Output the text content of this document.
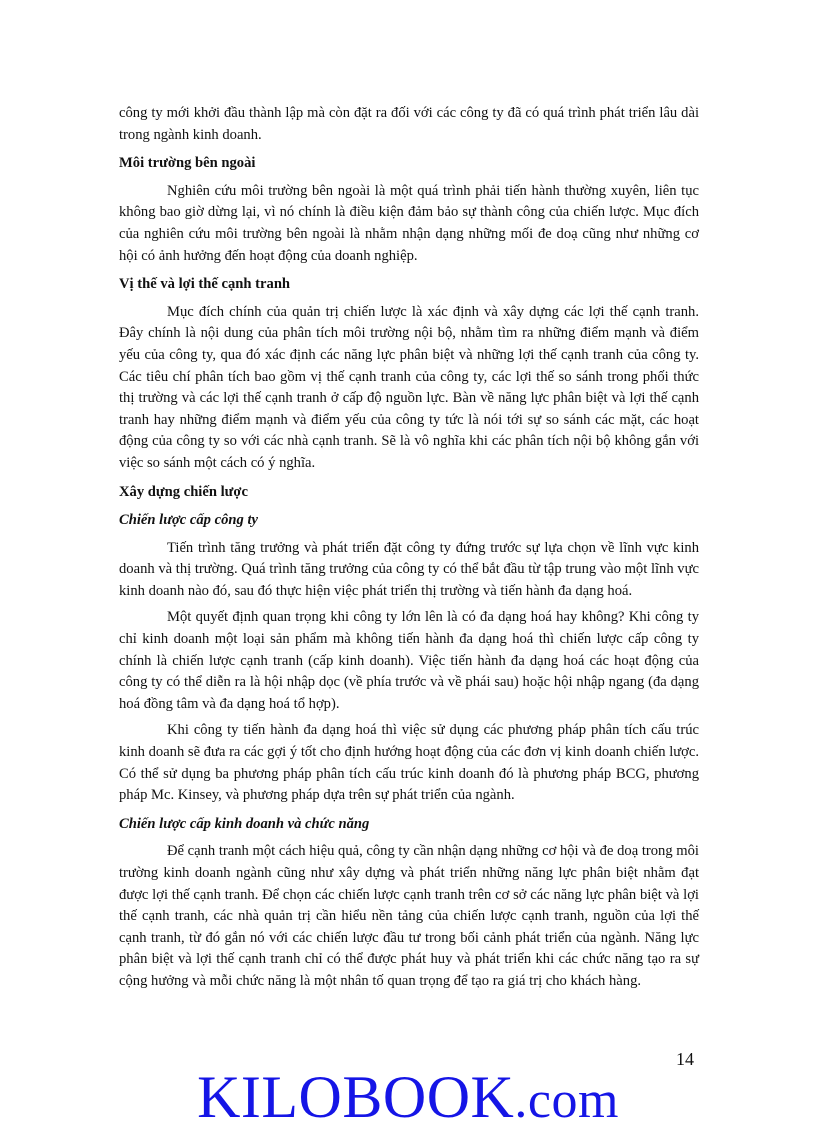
công ty mới khởi đầu thành lập mà còn đặt ra đối với các công ty đã có quá trình phát triển lâu dài trong ngành kinh doanh.

Môi trường bên ngoài

Nghiên cứu môi trường bên ngoài là một quá trình phải tiến hành thường xuyên, liên tục không bao giờ dừng lại, vì nó chính là điều kiện đảm bảo sự thành công của chiến lược. Mục đích của nghiên cứu môi trường bên ngoài là nhằm nhận dạng những mối đe doạ cũng như những cơ hội có ảnh hưởng đến hoạt động của doanh nghiệp.

Vị thế và lợi thế cạnh tranh

Mục đích chính của quản trị chiến lược là xác định và xây dựng các lợi thế cạnh tranh. Đây chính là nội dung của phân tích môi trường nội bộ, nhằm tìm ra những điểm mạnh và điểm yếu của công ty, qua đó xác định các năng lực phân biệt và những lợi thế cạnh tranh của công ty. Các tiêu chí phân tích bao gồm vị thế cạnh tranh của công ty, các lợi thế so sánh trong phối thức thị trường và các lợi thế cạnh tranh ở cấp độ nguồn lực. Bàn về năng lực phân biệt và lợi thế cạnh tranh hay những điểm mạnh và điểm yếu của công ty tức là nói tới sự so sánh các mặt, các hoạt động của công ty so với các nhà cạnh tranh. Sẽ là vô nghĩa khi các phân tích nội bộ không gắn với việc so sánh một cách có ý nghĩa.

Xây dựng chiến lược
Chiến lược cấp công ty

Tiến trình tăng trưởng và phát triển đặt công ty đứng trước sự lựa chọn về lĩnh vực kinh doanh và thị trường. Quá trình tăng trưởng của công ty có thể bắt đầu từ tập trung vào một lĩnh vực kinh doanh nào đó, sau đó thực hiện việc phát triển thị trường và tiến hành đa dạng hoá.

Một quyết định quan trọng khi công ty lớn lên là có đa dạng hoá hay không? Khi công ty chỉ kinh doanh một loại sản phẩm mà không tiến hành đa dạng hoá thì chiến lược cấp công ty chính là chiến lược cạnh tranh (cấp kinh doanh). Việc tiến hành đa dạng hoá các hoạt động của công ty có thể diễn ra là hội nhập dọc (về phía trước và về phái sau) hoặc hội nhập ngang (đa dạng hoá đồng tâm và đa dạng hoá tổ hợp).

Khi công ty tiến hành đa dạng hoá thì việc sử dụng các phương pháp phân tích cấu trúc kinh doanh sẽ đưa ra các gợi ý tốt cho định hướng hoạt động của các đơn vị kinh doanh chiến lược. Có thể sử dụng ba phương pháp phân tích cấu trúc kinh doanh đó là phương pháp BCG, phương pháp Mc. Kinsey, và phương pháp dựa trên sự phát triển của ngành.

Chiến lược cấp kinh doanh và chức năng

Để cạnh tranh một cách hiệu quả, công ty cần nhận dạng những cơ hội và đe doạ trong môi trường kinh doanh ngành cũng như xây dựng và phát triển những năng lực phân biệt nhằm đạt được lợi thế cạnh tranh. Để chọn các chiến lược cạnh tranh trên cơ sở các năng lực phân biệt và lợi thế cạnh tranh, các nhà quản trị cần hiểu nền tảng của chiến lược cạnh tranh, nguồn của lợi thế cạnh tranh, từ đó gắn nó với các chiến lược đầu tư trong bối cảnh phát triển của ngành. Năng lực phân biệt và lợi thế cạnh tranh chỉ có thể được phát huy và phát triển khi các chức năng tạo ra sự cộng hưởng và mỗi chức năng là một nhân tố quan trọng để tạo ra giá trị cho khách hàng.

14
KILOBOOK.com
